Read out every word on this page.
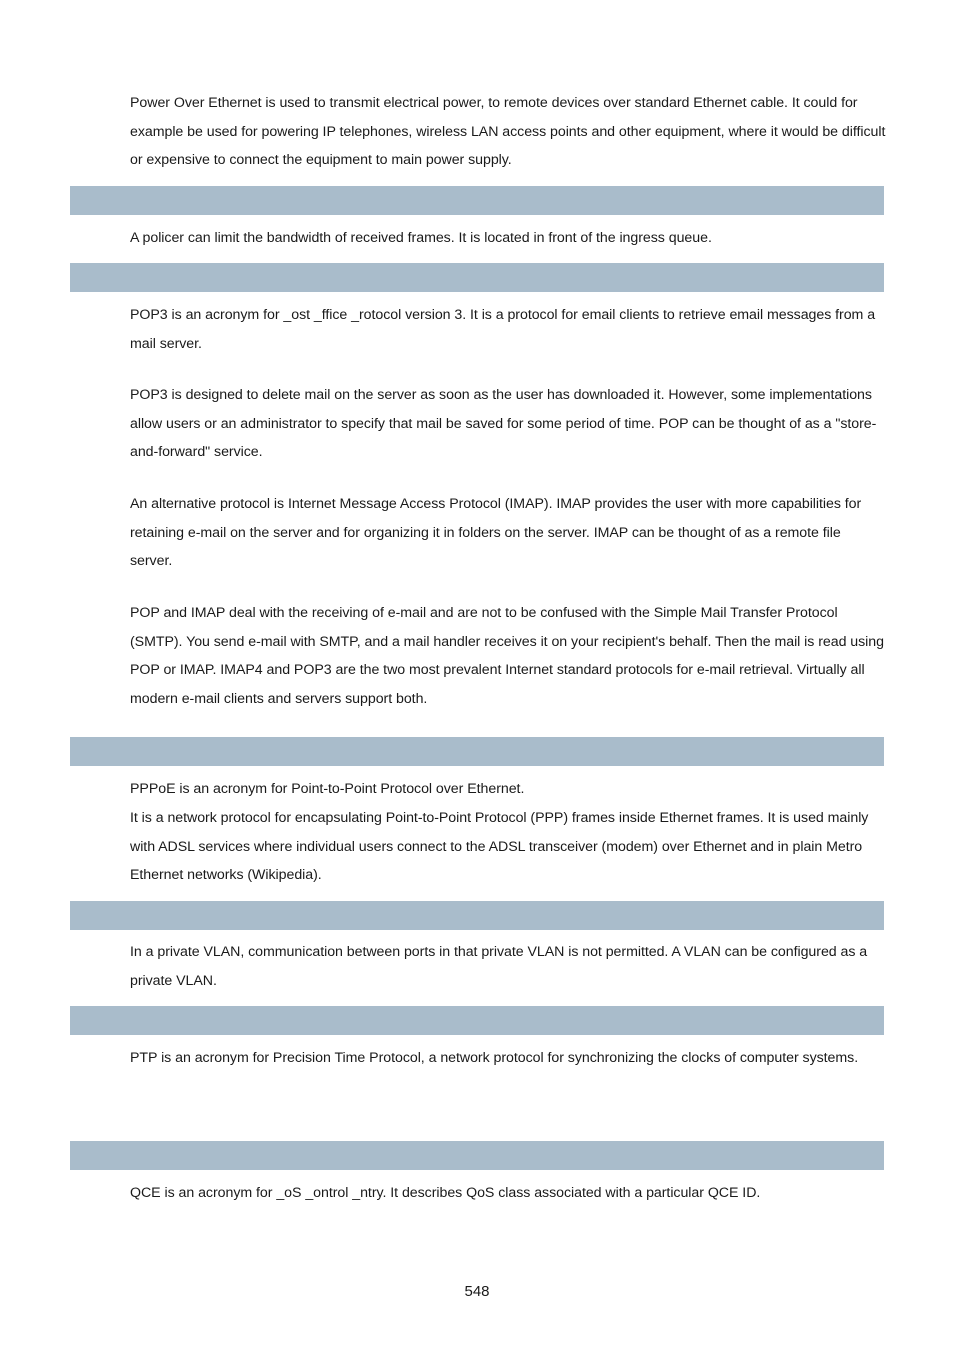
Power Over Ethernet is used to transmit electrical power, to remote devices over standard Ethernet cable. It could for example be used for powering IP telephones, wireless LAN access points and other equipment, where it would be difficult or expensive to connect the equipment to main power supply.

A policer can limit the bandwidth of received frames. It is located in front of the ingress queue.

POP3 is an acronym for _ost _ffice _rotocol version 3. It is a protocol for email clients to retrieve email messages from a mail server.

POP3 is designed to delete mail on the server as soon as the user has downloaded it. However, some implementations allow users or an administrator to specify that mail be saved for some period of time. POP can be thought of as a "store-and-forward" service.

An alternative protocol is Internet Message Access Protocol (IMAP). IMAP provides the user with more capabilities for retaining e-mail on the server and for organizing it in folders on the server. IMAP can be thought of as a remote file server.

POP and IMAP deal with the receiving of e-mail and are not to be confused with the Simple Mail Transfer Protocol (SMTP). You send e-mail with SMTP, and a mail handler receives it on your recipient's behalf. Then the mail is read using POP or IMAP. IMAP4 and POP3 are the two most prevalent Internet standard protocols for e-mail retrieval. Virtually all modern e-mail clients and servers support both.

PPPoE is an acronym for Point-to-Point Protocol over Ethernet.

It is a network protocol for encapsulating Point-to-Point Protocol (PPP) frames inside Ethernet frames. It is used mainly with ADSL services where individual users connect to the ADSL transceiver (modem) over Ethernet and in plain Metro Ethernet networks (Wikipedia).

In a private VLAN, communication between ports in that private VLAN is not permitted. A VLAN can be configured as a private VLAN.

PTP is an acronym for Precision Time Protocol, a network protocol for synchronizing the clocks of computer systems.

QCE is an acronym for _oS _ontrol _ntry. It describes QoS class associated with a particular QCE ID.

548
